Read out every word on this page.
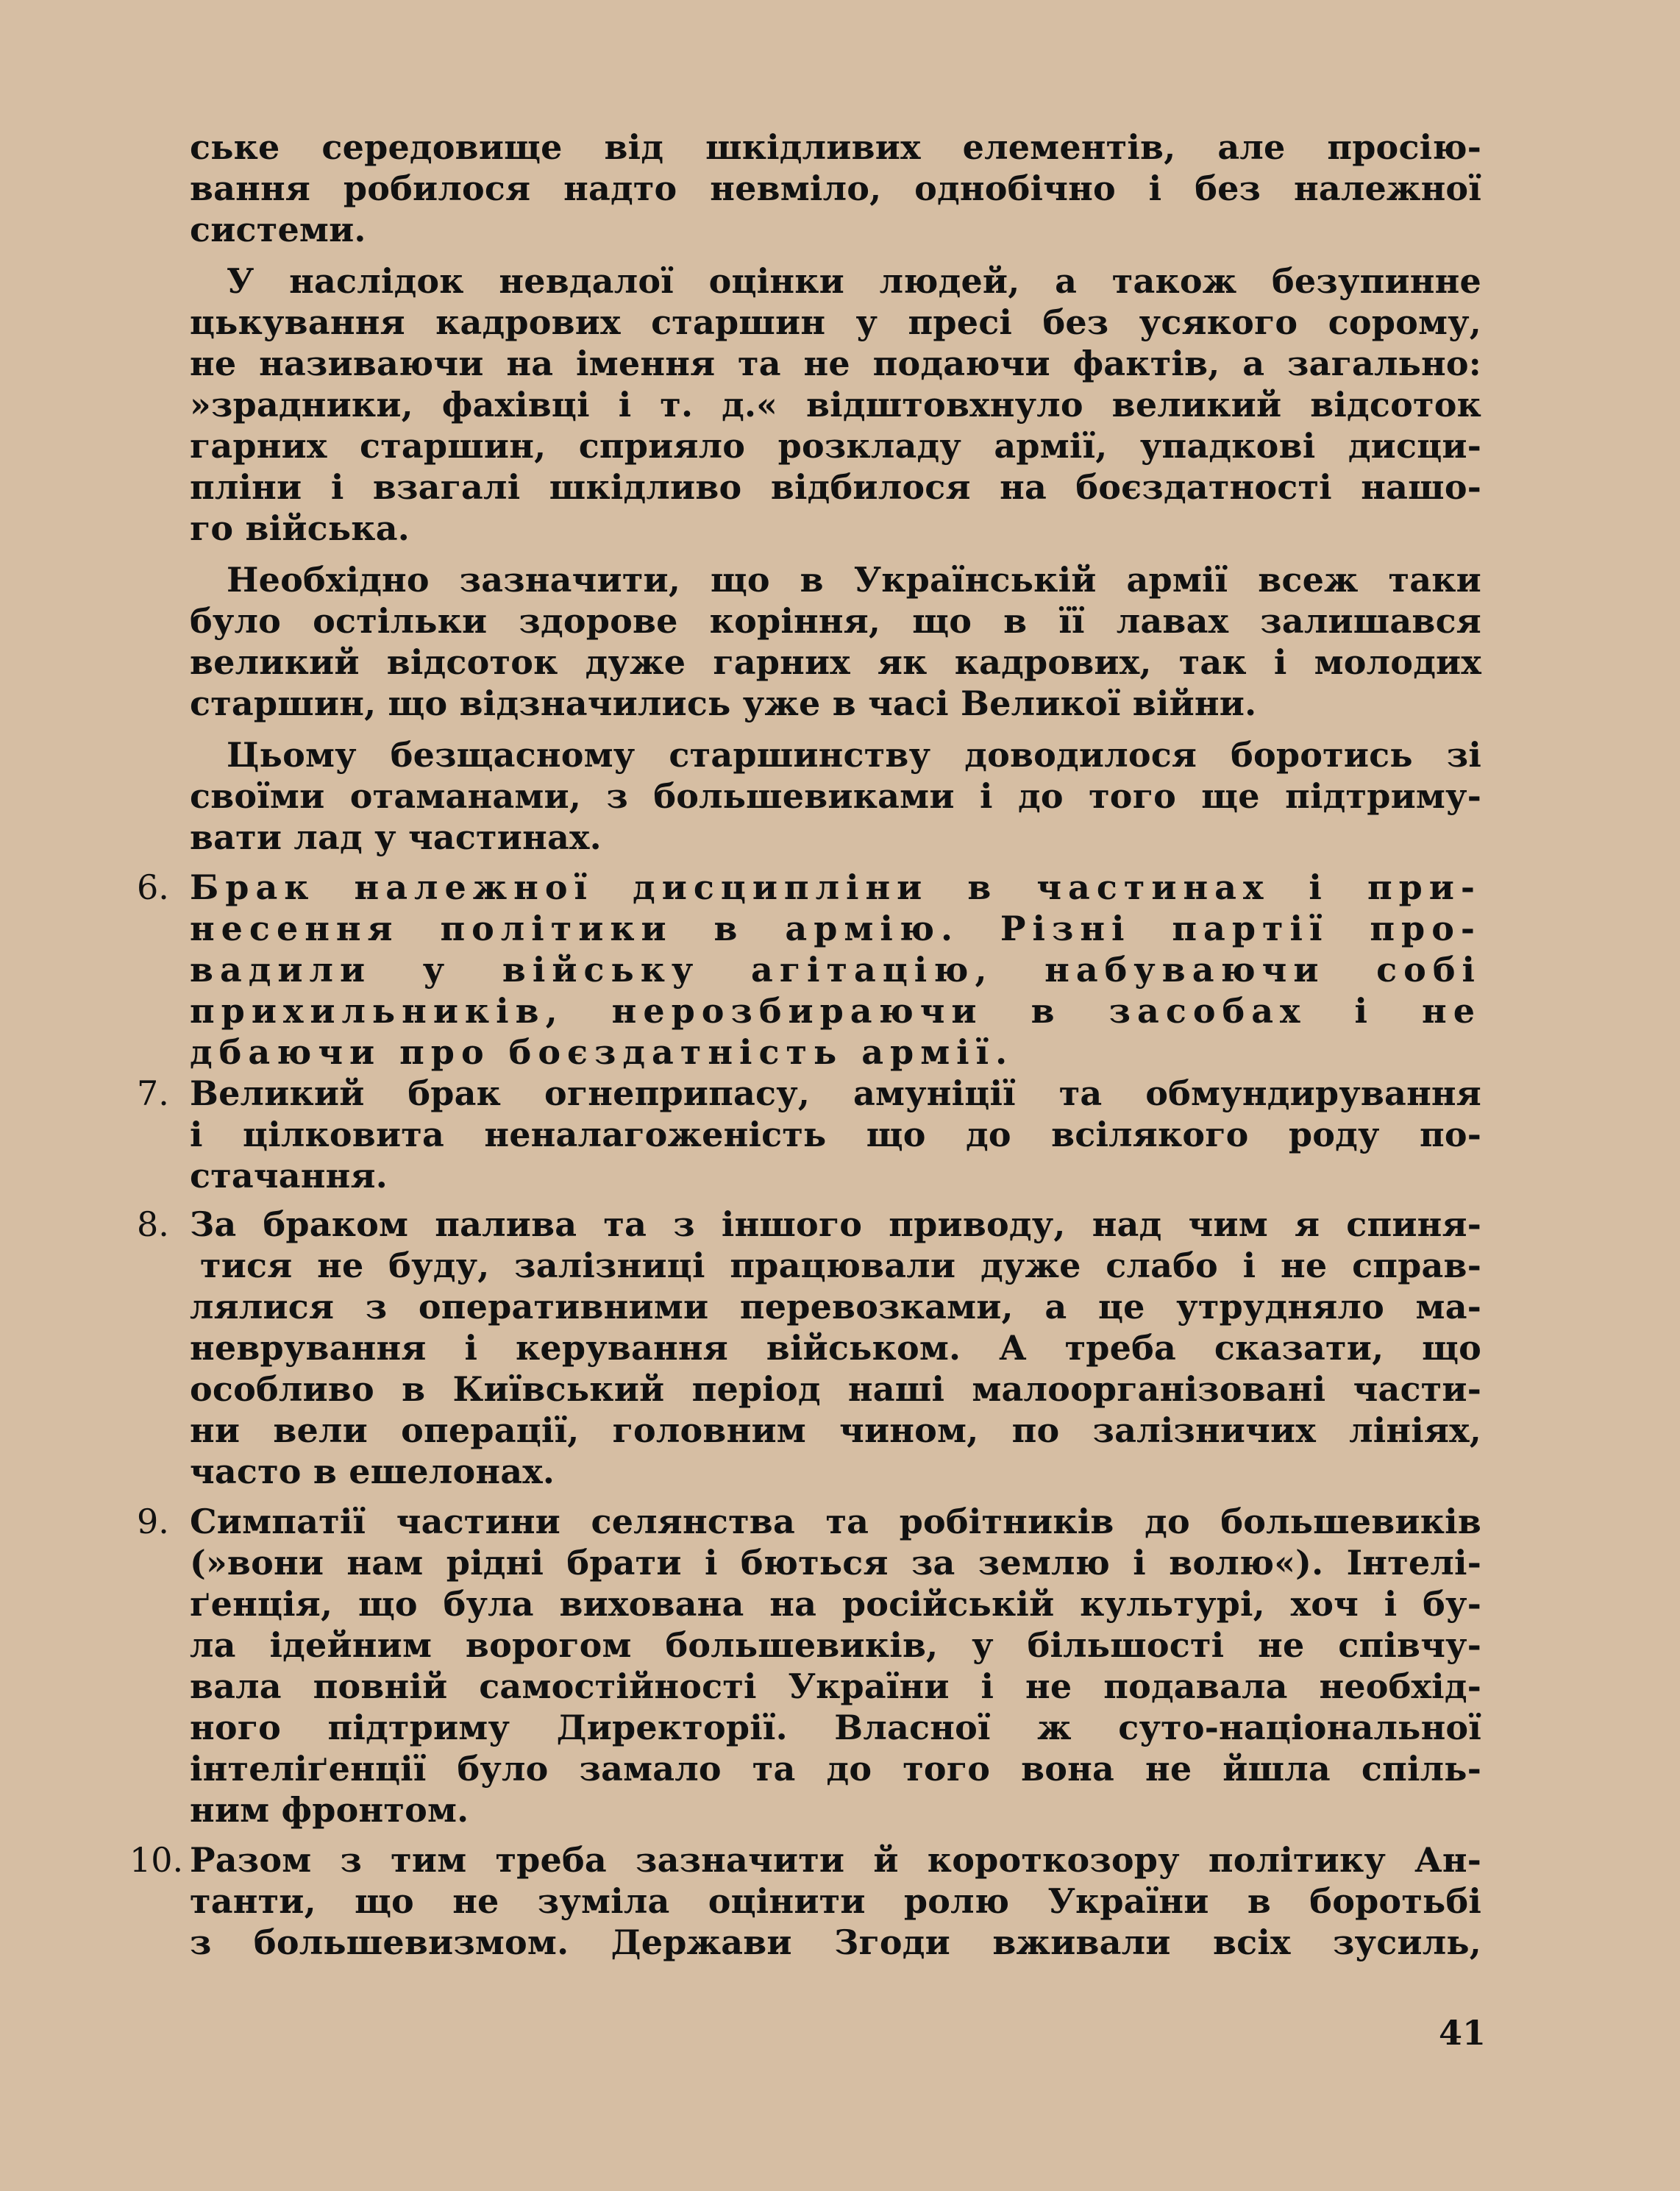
ське середовище від шкідливих елементів, але просію-
вання робилося надто невміло, однобічно і без належної
системи.
У наслідок невдалої оцінки людей, а також безупинне
цькування кадрових старшин у пресі без усякого сорому,
не називаючи на імення та не подаючи фактів, а загально:
»зрадники, фахівці і т. д.« відштовхнуло великий відсоток
гарних старшин, сприяло розкладу армії, упадкові дисци-
пліни і взагалі шкідливо відбилося на боєздатності нашо-
го війська.
Необхідно зазначити, що в Українській армії всеж таки
було остільки здорове коріння, що в її лавах залишався
великий відсоток дуже гарних як кадрових, так і молодих
старшин, що відзначились уже в часі Великої війни.
Цьому безщасному старшинству доводилося боротись зі
своїми отаманами, з большевиками і до того ще підтриму-
вати лад у частинах.
6. Брак належної дисципліни в частинах і при-
несення політики в армію. Різні партії про-
вадили у війську агітацію, набуваючи собі
прихильників, нерозбираючи в засобах і не
дбаючи про боєздатність армії.
7. Великий брак огнеприпасу, амуніції та обмундирування
і цілковита неналагоженість що до всілякого роду по-
стачання.
8. За браком палива та з іншого приводу, над чим я спиня-
тися не буду, залізниці працювали дуже слабо і не справ-
лялися з оперативними перевозками, а це утрудняло ма-
неврування і керування військом. А треба сказати, що
особливо в Київський період наші малоорганізовані части-
ни вели операції, головним чином, по залізничих лініях,
часто в ешелонах.
9. Симпатії частини селянства та робітників до большевиків
(»вони нам рідні брати і бються за землю і волю«). Інтелі-
ґенція, що була вихована на російській культурі, хоч і бу-
ла ідейним ворогом большевиків, у більшості не співчу-
вала повній самостійності України і не подавала необхід-
ного підтриму Директорії. Власної ж суто-національної
інтеліґенції було замало та до того вона не йшла спіль-
ним фронтом.
10. Разом з тим треба зазначити й короткозору політику Ан-
танти, що не зуміла оцінити ролю України в боротьбі
з большевизмом. Держави Згоди вживали всіх зусиль,
41
